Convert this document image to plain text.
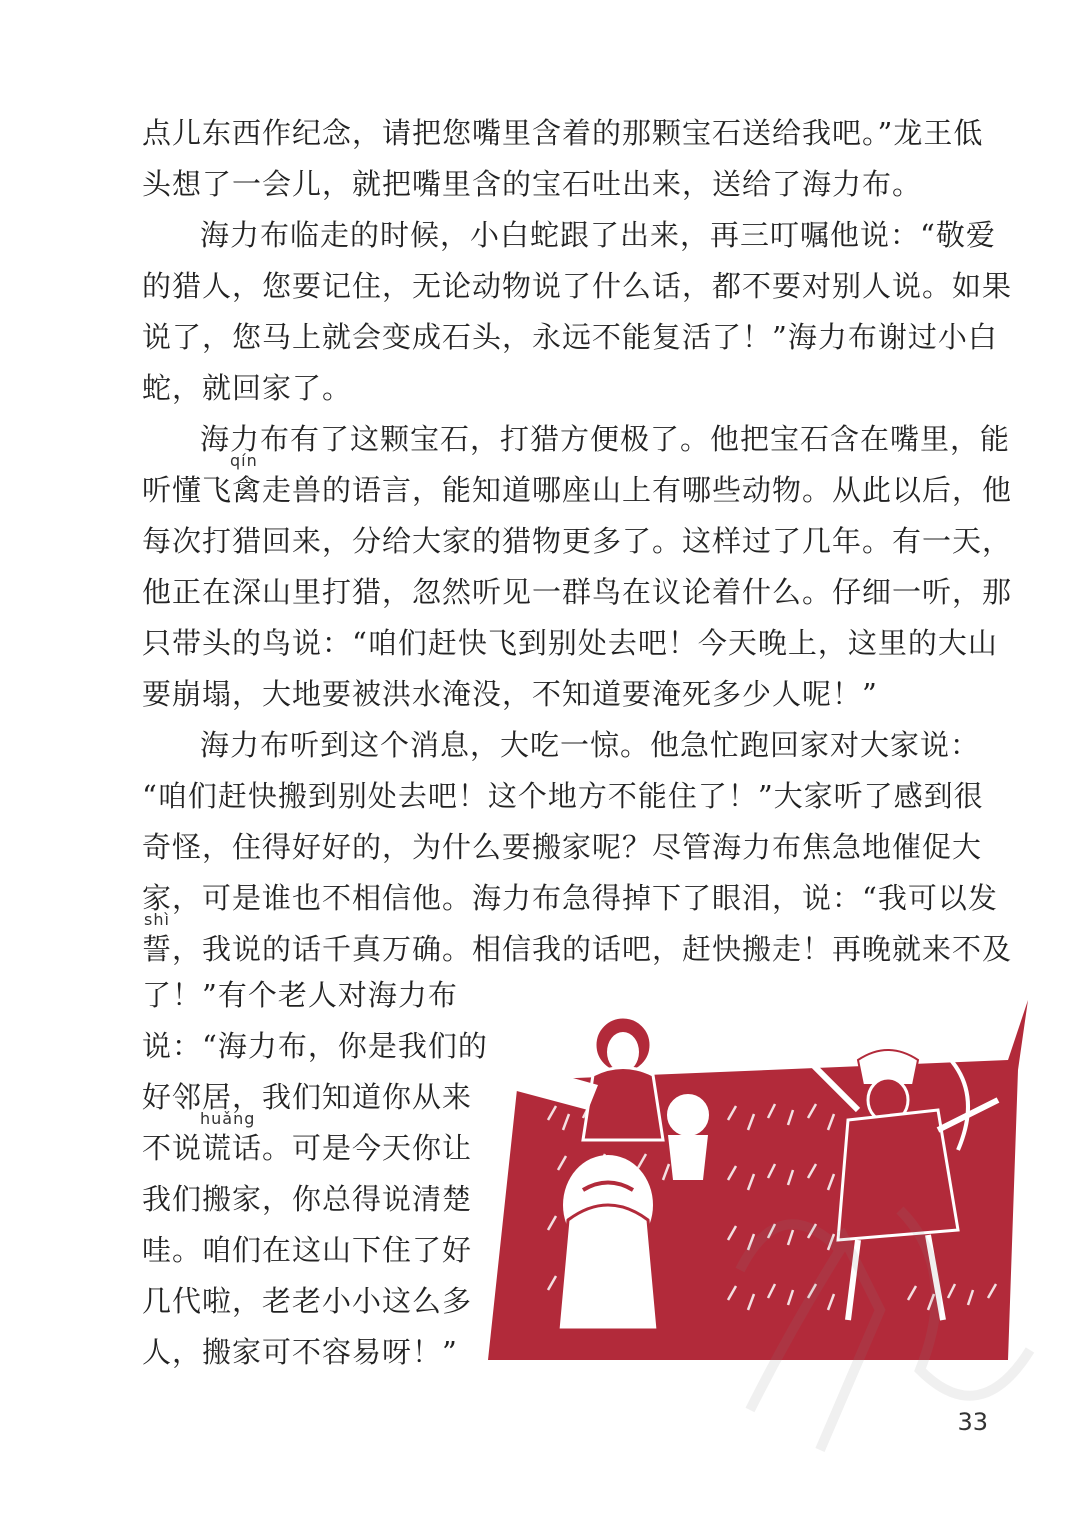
点儿东西作纪念，请把您嘴里含着的那颗宝石送给我吧。”龙王低
头想了一会儿，就把嘴里含的宝石吐出来，送给了海力布。
海力布临走的时候，小白蛇跟了出来，再三叮嘱他说：“敬爱
的猎人，您要记住，无论动物说了什么话，都不要对别人说。如果
说了，您马上就会变成石头，永远不能复活了！”海力布谢过小白
蛇，就回家了。
海力布有了这颗宝石，打猎方便极了。他把宝石含在嘴里，能
qín
听懂飞禽走兽的语言，能知道哪座山上有哪些动物。从此以后，他
每次打猎回来，分给大家的猎物更多了。这样过了几年。有一天，
他正在深山里打猎，忽然听见一群鸟在议论着什么。仔细一听，那
只带头的鸟说：“咱们赶快飞到别处去吧！今天晚上，这里的大山
要崩塌，大地要被洪水淹没，不知道要淹死多少人呢！”
海力布听到这个消息，大吃一惊。他急忙跑回家对大家说：
“咱们赶快搬到别处去吧！这个地方不能住了！”大家听了感到很
奇怪，住得好好的，为什么要搬家呢？尽管海力布焦急地催促大
家，可是谁也不相信他。海力布急得掉下了眼泪，说：“我可以发
shì
誓，我说的话千真万确。相信我的话吧，赶快搬走！再晚就来不及
了！”有个老人对海力布
说：“海力布，你是我们的
好邻居，我们知道你从来
huǎng
不说谎话。可是今天你让
我们搬家，你总得说清楚
哇。咱们在这山下住了好
几代啦，老老小小这么多
人，搬家可不容易呀！”
33
